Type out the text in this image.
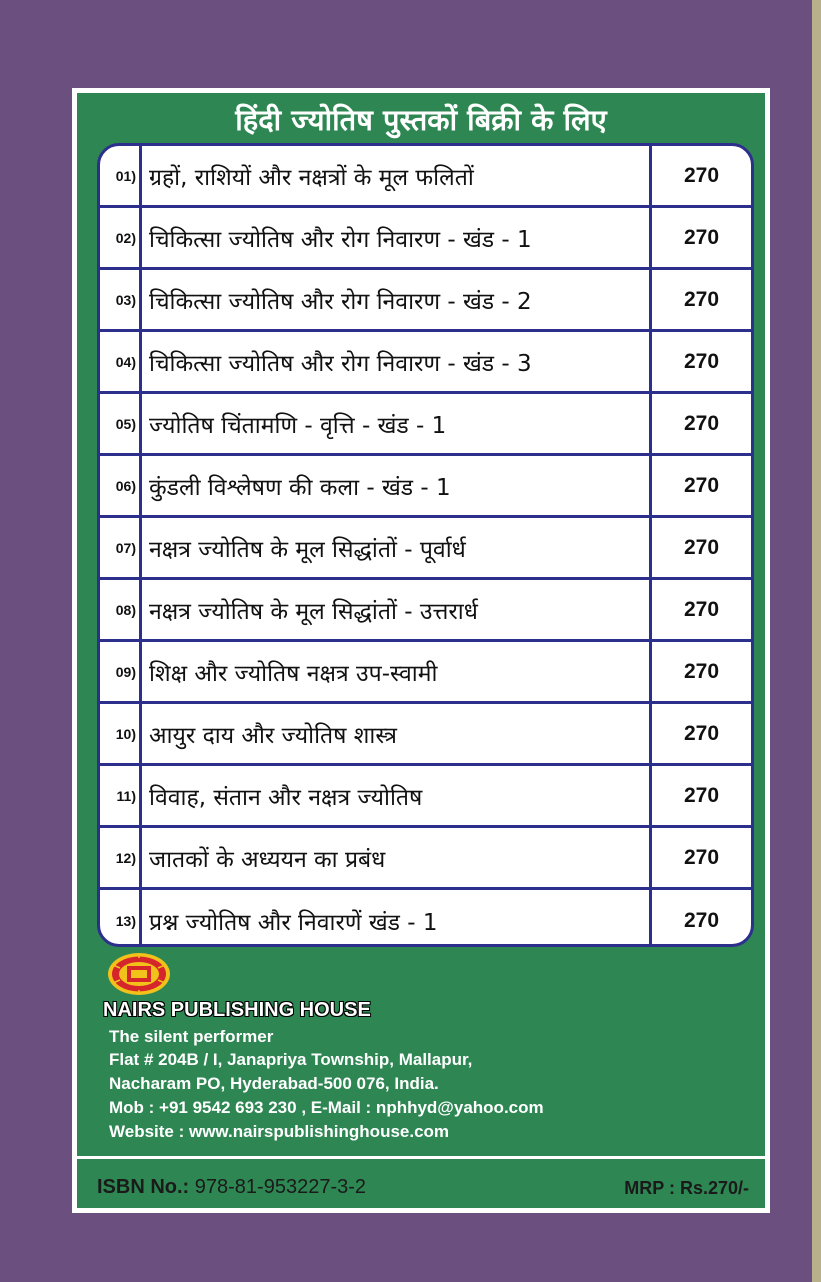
हिंदी ज्योतिष पुस्तकों बिक्री के लिए
01) ग्रहों, राशियों और नक्षत्रों के मूल फलितों	270
02) चिकित्सा ज्योतिष और रोग निवारण - खंड - 1	270
03) चिकित्सा ज्योतिष और रोग निवारण - खंड - 2	270
04) चिकित्सा ज्योतिष और रोग निवारण - खंड - 3	270
05) ज्योतिष चिंतामणि - वृत्ति - खंड - 1	270
06) कुंडली विश्लेषण की कला - खंड - 1	270
07) नक्षत्र ज्योतिष के मूल सिद्धांतों - पूर्वार्ध	270
08) नक्षत्र ज्योतिष के मूल सिद्धांतों - उत्तरार्ध	270
09) शिक्ष और ज्योतिष नक्षत्र उप-स्वामी	270
10) आयुर दाय और ज्योतिष शास्त्र	270
11) विवाह, संतान और नक्षत्र ज्योतिष	270
12) जातकों के अध्ययन का प्रबंध	270
13) प्रश्न ज्योतिष और निवारणें खंड - 1	270
NAIRS PUBLISHING HOUSE
The silent performer
Flat # 204B / I, Janapriya Township, Mallapur,
Nacharam PO, Hyderabad-500 076, India.
Mob : +91 9542 693 230 , E-Mail : nphhyd@yahoo.com
Website : www.nairspublishinghouse.com
ISBN No.: 978-81-953227-3-2	MRP : Rs.270/-
